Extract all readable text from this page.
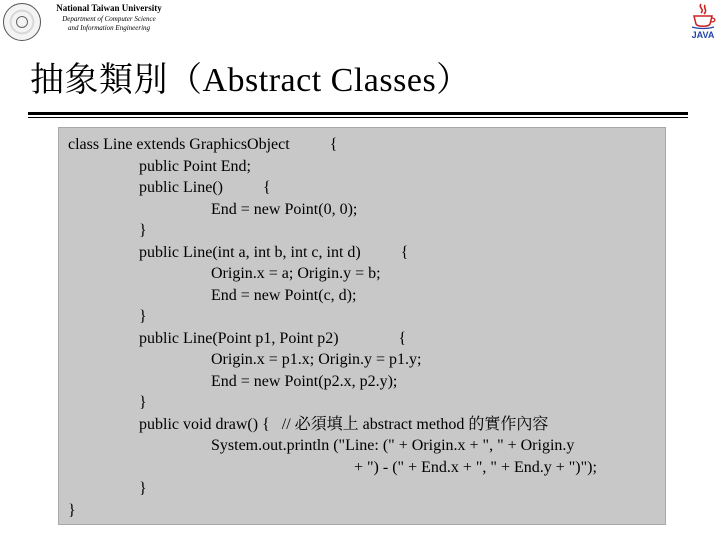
National Taiwan University
Department of Computer Science
and Information Engineering
JAVA
抽象類別（Abstract Classes）
class Line extends GraphicsObject          {
public Point End;
public Line()          {
End = new Point(0, 0);
}
public Line(int a, int b, int c, int d)          {
Origin.x = a; Origin.y = b;
End = new Point(c, d);
}
public Line(Point p1, Point p2)               {
Origin.x = p1.x; Origin.y = p1.y;
End = new Point(p2.x, p2.y);
}
public void draw() {   // 必須填上 abstract method 的實作內容
System.out.println ("Line: (" + Origin.x + ", " + Origin.y
+ ") - (" + End.x + ", " + End.y + ")");
}
}
